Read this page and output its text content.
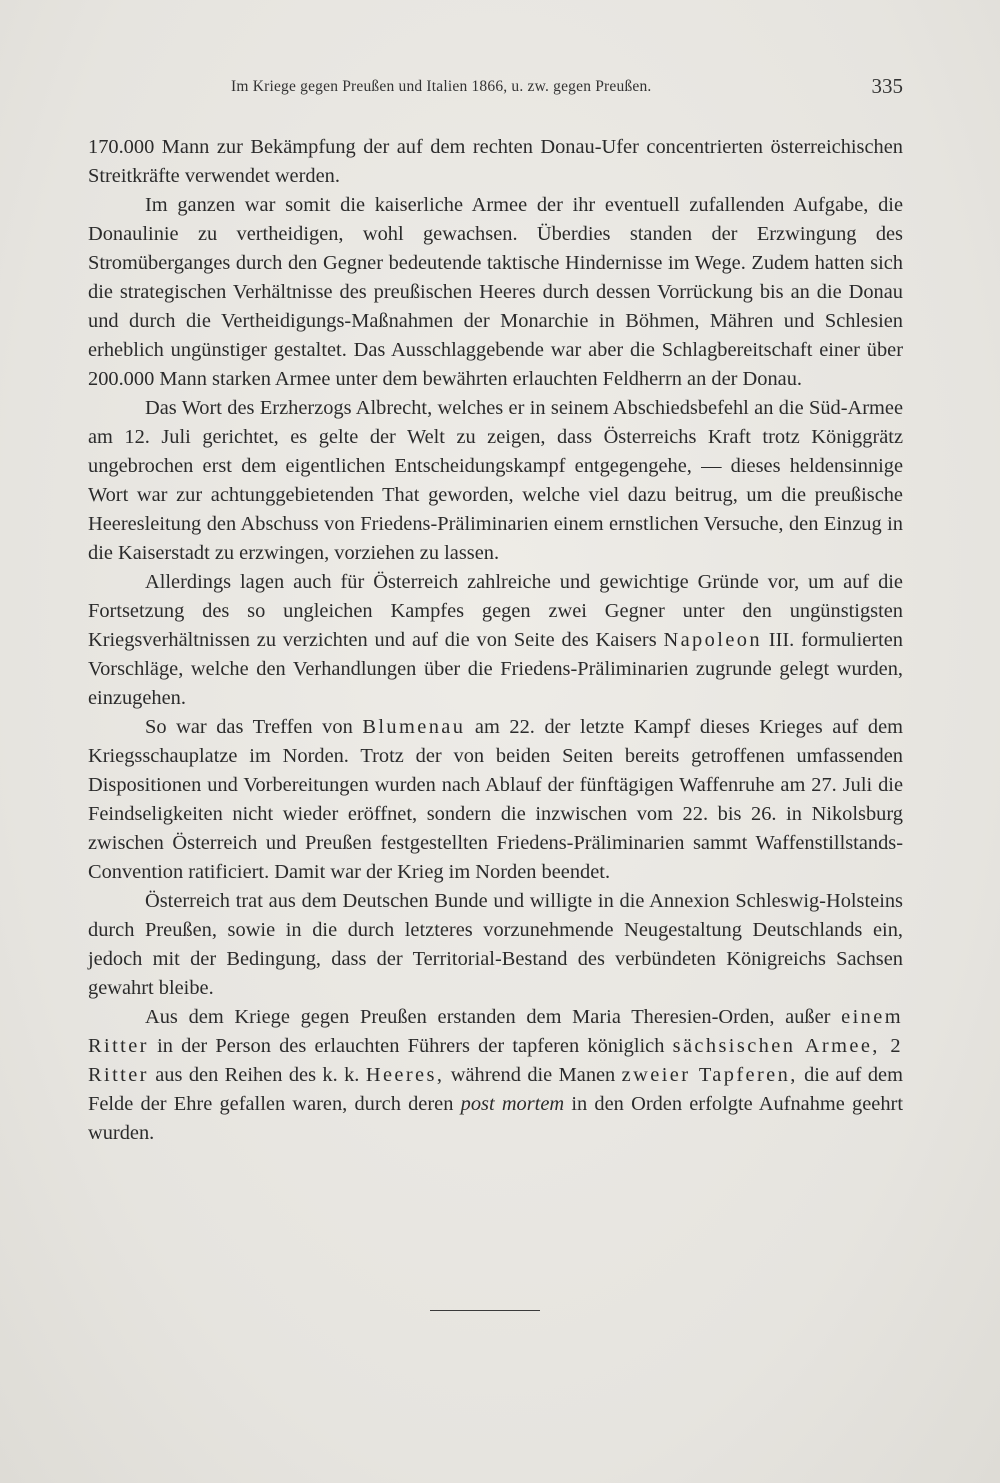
Im Kriege gegen Preußen und Italien 1866, u. zw. gegen Preußen.	335

170.000 Mann zur Bekämpfung der auf dem rechten Donau-Ufer concentrierten österreichischen Streitkräfte verwendet werden.

Im ganzen war somit die kaiserliche Armee der ihr eventuell zufallenden Aufgabe, die Donaulinie zu vertheidigen, wohl gewachsen. Überdies standen der Erzwingung des Stromüberganges durch den Gegner bedeutende taktische Hindernisse im Wege. Zudem hatten sich die strategischen Verhältnisse des preußischen Heeres durch dessen Vorrückung bis an die Donau und durch die Vertheidigungs-Maßnahmen der Monarchie in Böhmen, Mähren und Schlesien erheblich ungünstiger gestaltet. Das Ausschlaggebende war aber die Schlagbereitschaft einer über 200.000 Mann starken Armee unter dem bewährten erlauchten Feldherrn an der Donau.

Das Wort des Erzherzogs Albrecht, welches er in seinem Abschiedsbefehl an die Süd-Armee am 12. Juli gerichtet, es gelte der Welt zu zeigen, dass Österreichs Kraft trotz Königgrätz ungebrochen erst dem eigentlichen Entscheidungskampf entgegengehe, — dieses heldensinnige Wort war zur achtunggebietenden That geworden, welche viel dazu beitrug, um die preußische Heeresleitung den Abschuss von Friedens-Präliminarien einem ernstlichen Versuche, den Einzug in die Kaiserstadt zu erzwingen, vorziehen zu lassen.

Allerdings lagen auch für Österreich zahlreiche und gewichtige Gründe vor, um auf die Fortsetzung des so ungleichen Kampfes gegen zwei Gegner unter den ungünstigsten Kriegsverhältnissen zu verzichten und auf die von Seite des Kaisers Napoleon III. formulierten Vorschläge, welche den Verhandlungen über die Friedens-Präliminarien zugrunde gelegt wurden, einzugehen.

So war das Treffen von Blumenau am 22. der letzte Kampf dieses Krieges auf dem Kriegsschauplatze im Norden. Trotz der von beiden Seiten bereits getroffenen umfassenden Dispositionen und Vorbereitungen wurden nach Ablauf der fünftägigen Waffenruhe am 27. Juli die Feindseligkeiten nicht wieder eröffnet, sondern die inzwischen vom 22. bis 26. in Nikolsburg zwischen Österreich und Preußen festgestellten Friedens-Präliminarien sammt Waffenstillstands-Convention ratificiert. Damit war der Krieg im Norden beendet.

Österreich trat aus dem Deutschen Bunde und willigte in die Annexion Schleswig-Holsteins durch Preußen, sowie in die durch letzteres vorzunehmende Neugestaltung Deutschlands ein, jedoch mit der Bedingung, dass der Territorial-Bestand des verbündeten Königreichs Sachsen gewahrt bleibe.

Aus dem Kriege gegen Preußen erstanden dem Maria Theresien-Orden, außer einem Ritter in der Person des erlauchten Führers der tapferen königlich sächsischen Armee, 2 Ritter aus den Reihen des k. k. Heeres, während die Manen zweier Tapferen, die auf dem Felde der Ehre gefallen waren, durch deren post mortem in den Orden erfolgte Aufnahme geehrt wurden.
